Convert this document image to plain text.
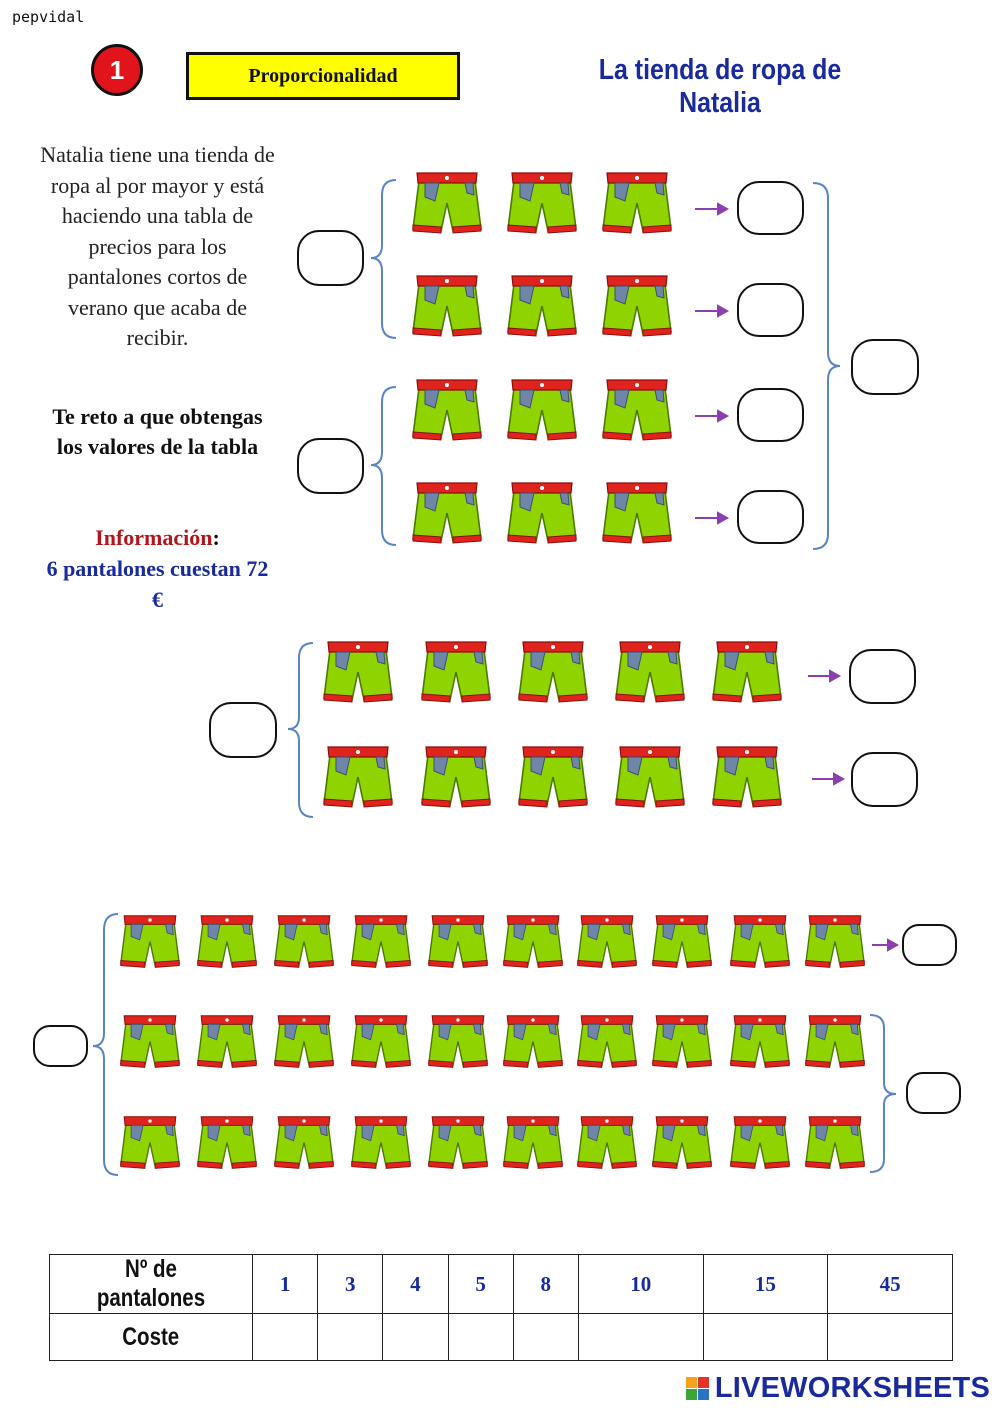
pepvidal
1	Proporcionalidad	La tienda de ropa de Natalia
Natalia tiene una tienda de ropa al por mayor y está haciendo una tabla de precios para los pantalones cortos de verano que acaba de recibir.
Te reto a que obtengas los valores de la tabla
Información:
6 pantalones cuestan 72 €
Nº de pantalones	1	3	4	5	8	10	15	45
Coste								
LIVEWORKSHEETS
